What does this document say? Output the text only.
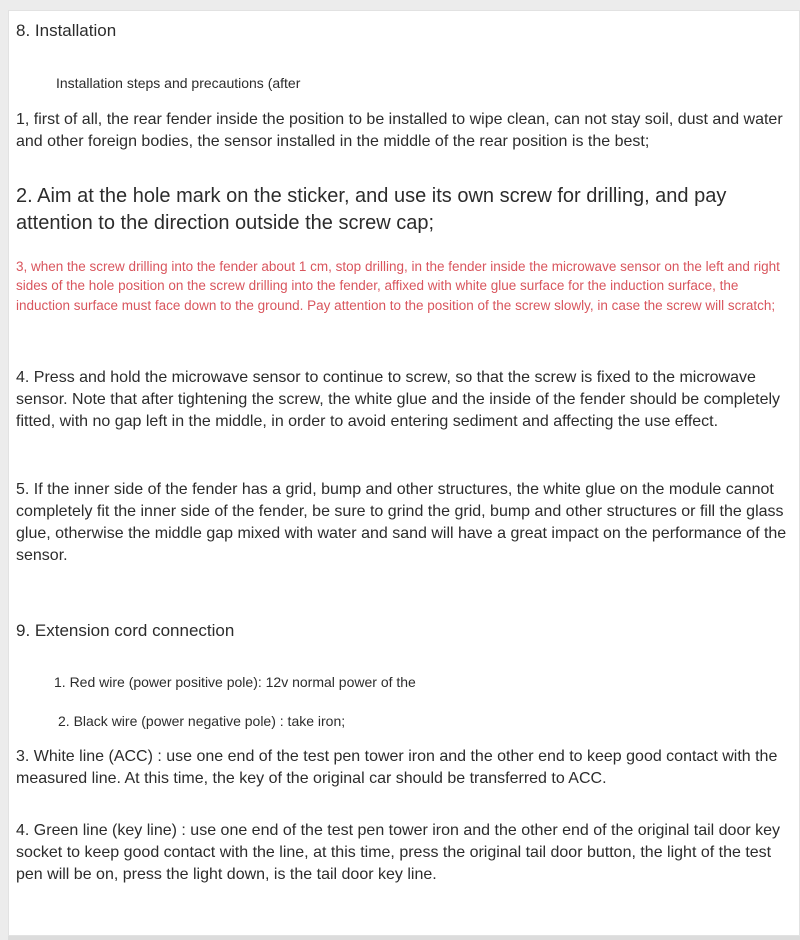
8. Installation

Installation steps and precautions (after

1, first of all, the rear fender inside the position to be installed to wipe clean, can not stay soil, dust and water and other foreign bodies, the sensor installed in the middle of the rear position is the best;

2. Aim at the hole mark on the sticker, and use its own screw for drilling, and pay attention to the direction outside the screw cap;

3, when the screw drilling into the fender about 1 cm, stop drilling, in the fender inside the microwave sensor on the left and right sides of the hole position on the screw drilling into the fender, affixed with white glue surface for the induction surface, the induction surface must face down to the ground. Pay attention to the position of the screw slowly, in case the screw will scratch;

4. Press and hold the microwave sensor to continue to screw, so that the screw is fixed to the microwave sensor. Note that after tightening the screw, the white glue and the inside of the fender should be completely fitted, with no gap left in the middle, in order to avoid entering sediment and affecting the use effect.

5. If the inner side of the fender has a grid, bump and other structures, the white glue on the module cannot completely fit the inner side of the fender, be sure to grind the grid, bump and other structures or fill the glass glue, otherwise the middle gap mixed with water and sand will have a great impact on the performance of the sensor.

9. Extension cord connection

1. Red wire (power positive pole): 12v normal power of the

2. Black wire (power negative pole) : take iron;

3. White line (ACC) : use one end of the test pen tower iron and the other end to keep good contact with the measured line. At this time, the key of the original car should be transferred to ACC.

4. Green line (key line) : use one end of the test pen tower iron and the other end of the original tail door key socket to keep good contact with the line, at this time, press the original tail door button, the light of the test pen will be on, press the light down, is the tail door key line.
